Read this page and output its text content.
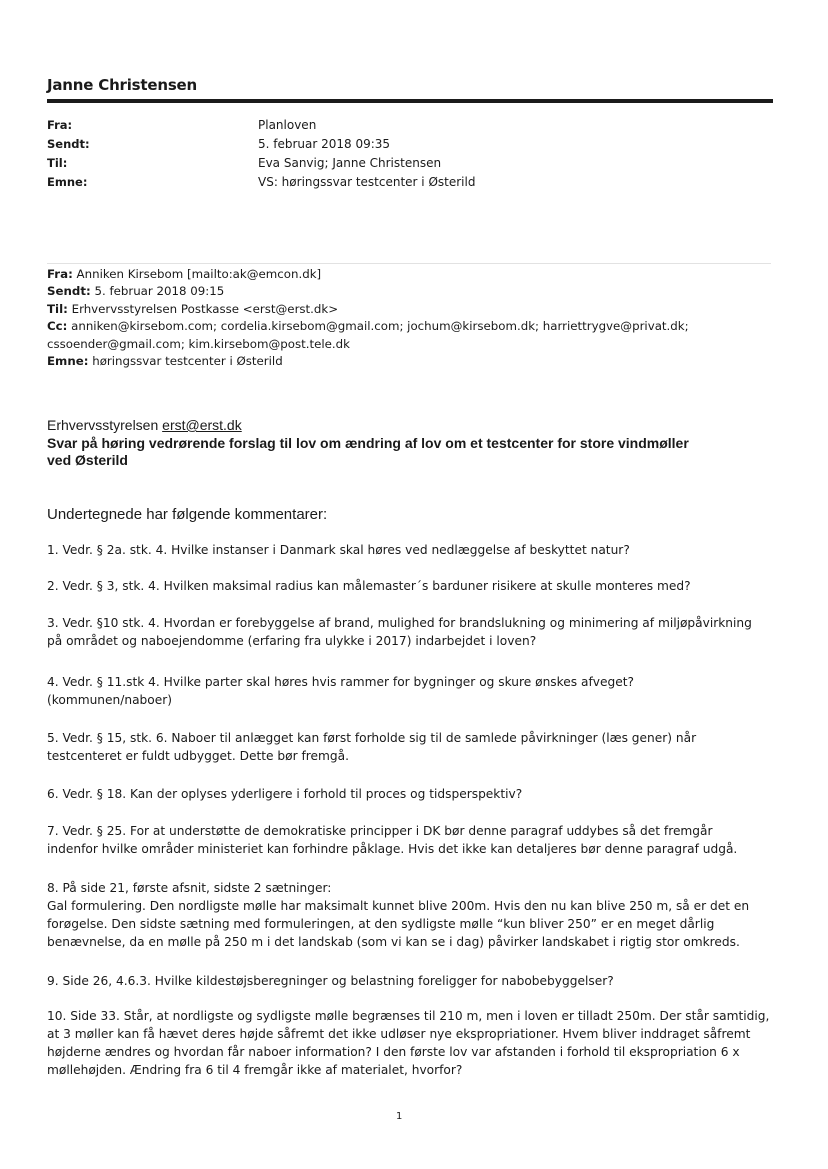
Janne Christensen
Fra:	Planloven
Sendt:	5. februar 2018 09:35
Til:	Eva Sanvig; Janne Christensen
Emne:	VS: høringssvar testcenter i Østerild
Fra: Anniken Kirsebom [mailto:ak@emcon.dk]
Sendt: 5. februar 2018 09:15
Til: Erhvervsstyrelsen Postkasse <erst@erst.dk>
Cc: anniken@kirsebom.com; cordelia.kirsebom@gmail.com; jochum@kirsebom.dk; harriettrygve@privat.dk;
cssoender@gmail.com; kim.kirsebom@post.tele.dk
Emne: høringssvar testcenter i Østerild
Erhvervsstyrelsen erst@erst.dk
Svar på høring vedrørende forslag til lov om ændring af lov om et testcenter for store vindmøller
ved Østerild
Undertegnede har følgende kommentarer:
1. Vedr. § 2a. stk. 4. Hvilke instanser i Danmark skal høres ved nedlæggelse af beskyttet natur?
2. Vedr. § 3, stk. 4. Hvilken maksimal radius kan målemaster´s barduner risikere at skulle monteres med?
3. Vedr. §10 stk. 4. Hvordan er forebyggelse af brand, mulighed for brandslukning og minimering af miljøpåvirkning
på området og naboejendomme (erfaring fra ulykke i 2017) indarbejdet i loven?
4. Vedr. § 11.stk 4. Hvilke parter skal høres hvis rammer for bygninger og skure ønskes afveget?
(kommunen/naboer)
5. Vedr. § 15, stk. 6. Naboer til anlægget kan først forholde sig til de samlede påvirkninger (læs gener) når
testcenteret er fuldt udbygget. Dette bør fremgå.
6. Vedr. § 18. Kan der oplyses yderligere i forhold til proces og tidsperspektiv?
7. Vedr. § 25. For at understøtte de demokratiske principper i DK bør denne paragraf uddybes så det fremgår
indenfor hvilke områder ministeriet kan forhindre påklage. Hvis det ikke kan detaljeres bør denne paragraf udgå.
8. På side 21, første afsnit, sidste 2 sætninger:
Gal formulering. Den nordligste mølle har maksimalt kunnet blive 200m. Hvis den nu kan blive 250 m, så er det en
forøgelse. Den sidste sætning med formuleringen, at den sydligste mølle “kun bliver 250” er en meget dårlig
benævnelse, da en mølle på 250 m i det landskab (som vi kan se i dag) påvirker landskabet i rigtig stor omkreds.
9. Side 26, 4.6.3. Hvilke kildestøjsberegninger og belastning foreligger for nabobebyggelser?
10. Side 33. Står, at nordligste og sydligste mølle begrænses til 210 m, men i loven er tilladt 250m. Der står samtidig,
at 3 møller kan få hævet deres højde såfremt det ikke udløser nye ekspropriationer. Hvem bliver inddraget såfremt
højderne ændres og hvordan får naboer information? I den første lov var afstanden i forhold til ekspropriation 6 x
møllehøjden. Ændring fra 6 til 4 fremgår ikke af materialet, hvorfor?
1
